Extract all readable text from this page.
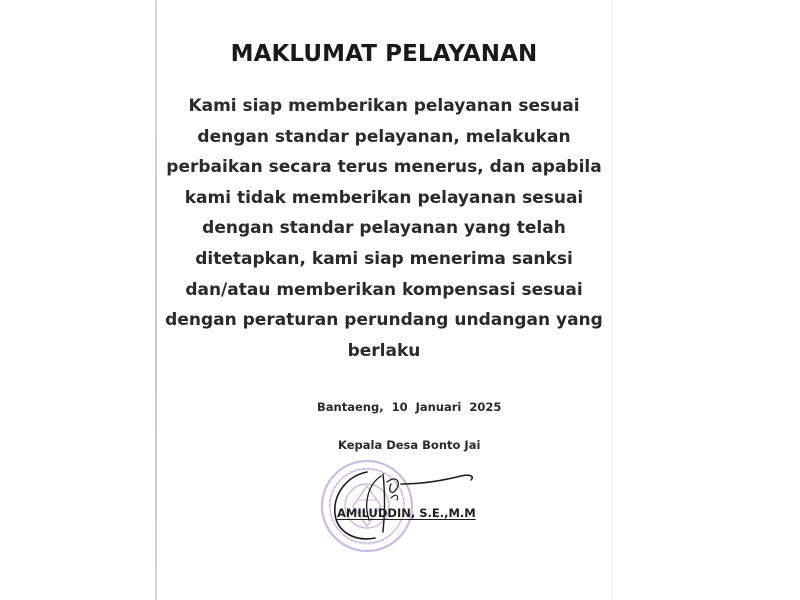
MAKLUMAT PELAYANAN
Kami siap memberikan pelayanan sesuai
dengan standar pelayanan, melakukan
perbaikan secara terus menerus, dan apabila
kami tidak memberikan pelayanan sesuai
dengan standar pelayanan yang telah
ditetapkan, kami siap menerima sanksi
dan/atau memberikan kompensasi sesuai
dengan peraturan perundang undangan yang
berlaku
Bantaeng,  10  Januari  2025
Kepala Desa Bonto Jai
AMILUDDIN, S.E.,M.M
